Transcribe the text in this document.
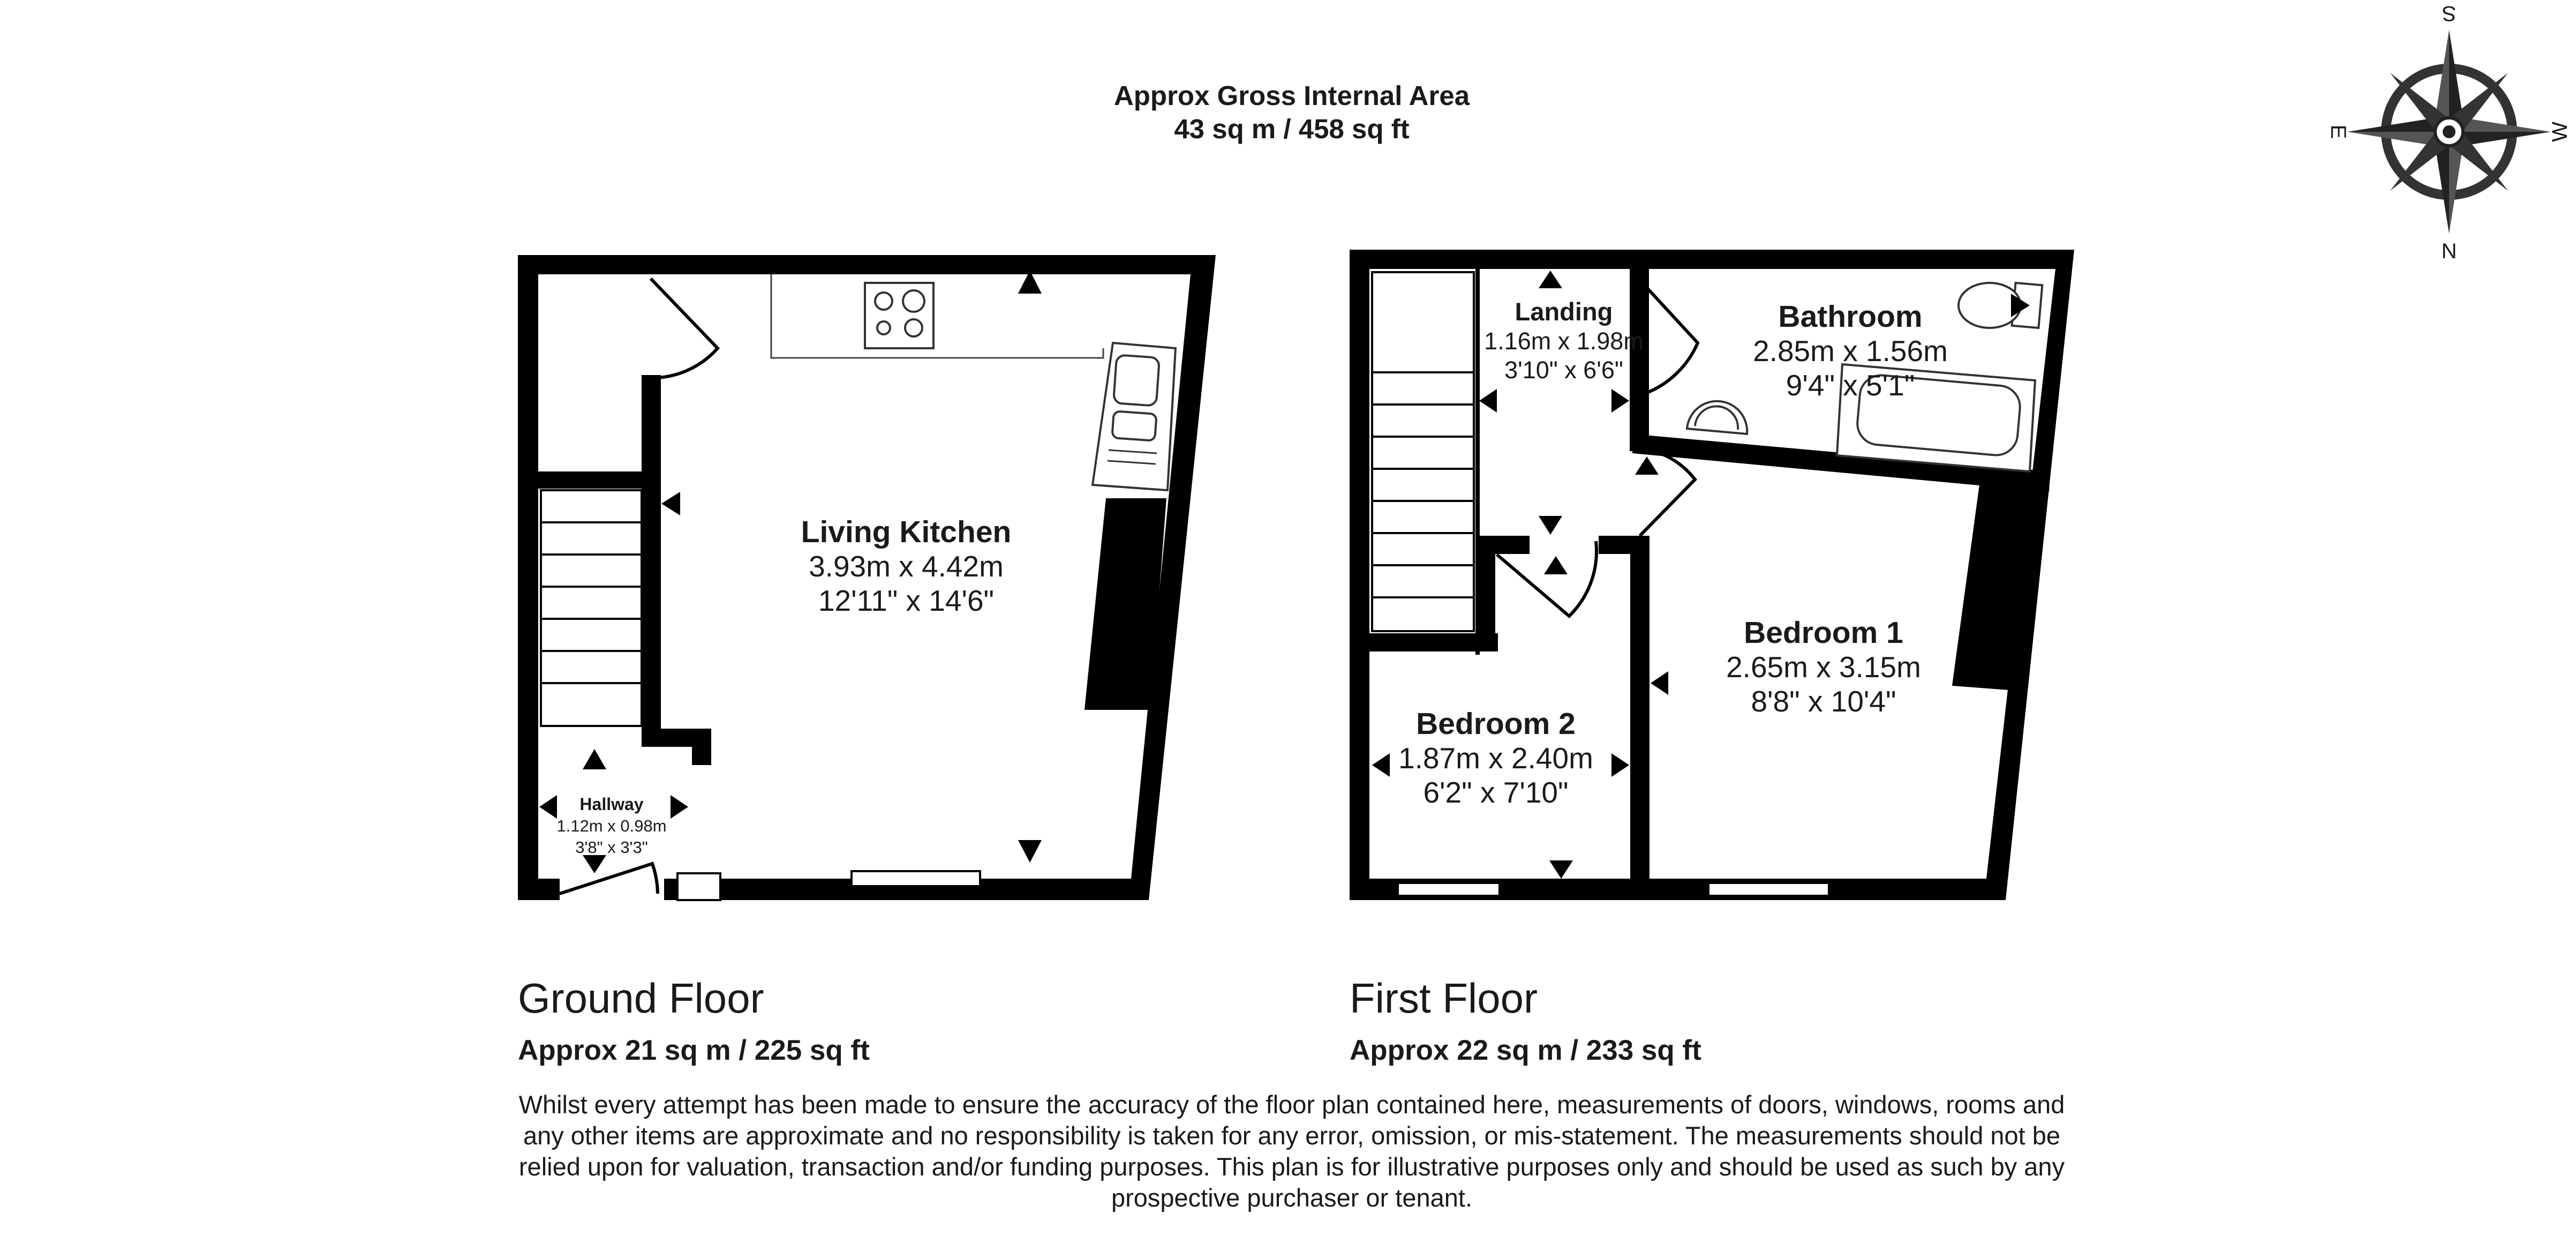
Approx Gross Internal Area
43 sq m / 458 sq ft
S
N
E	W
Living Kitchen
3.93m x 4.42m
12'11" x 14'6"
Hallway
1.12m x 0.98m
3'8" x 3'3"
Landing
1.16m x 1.98m
3'10" x 6'6"
Bathroom
2.85m x 1.56m
9'4" x 5'1"
Bedroom 1
2.65m x 3.15m
8'8" x 10'4"
Bedroom 2
1.87m x 2.40m
6'2" x 7'10"
Ground Floor
Approx 21 sq m / 225 sq ft
First Floor
Approx 22 sq m / 233 sq ft
Whilst every attempt has been made to ensure the accuracy of the floor plan contained here, measurements of doors, windows, rooms and
any other items are approximate and no responsibility is taken for any error, omission, or mis-statement. The measurements should not be
relied upon for valuation, transaction and/or funding purposes. This plan is for illustrative purposes only and should be used as such by any
prospective purchaser or tenant.
